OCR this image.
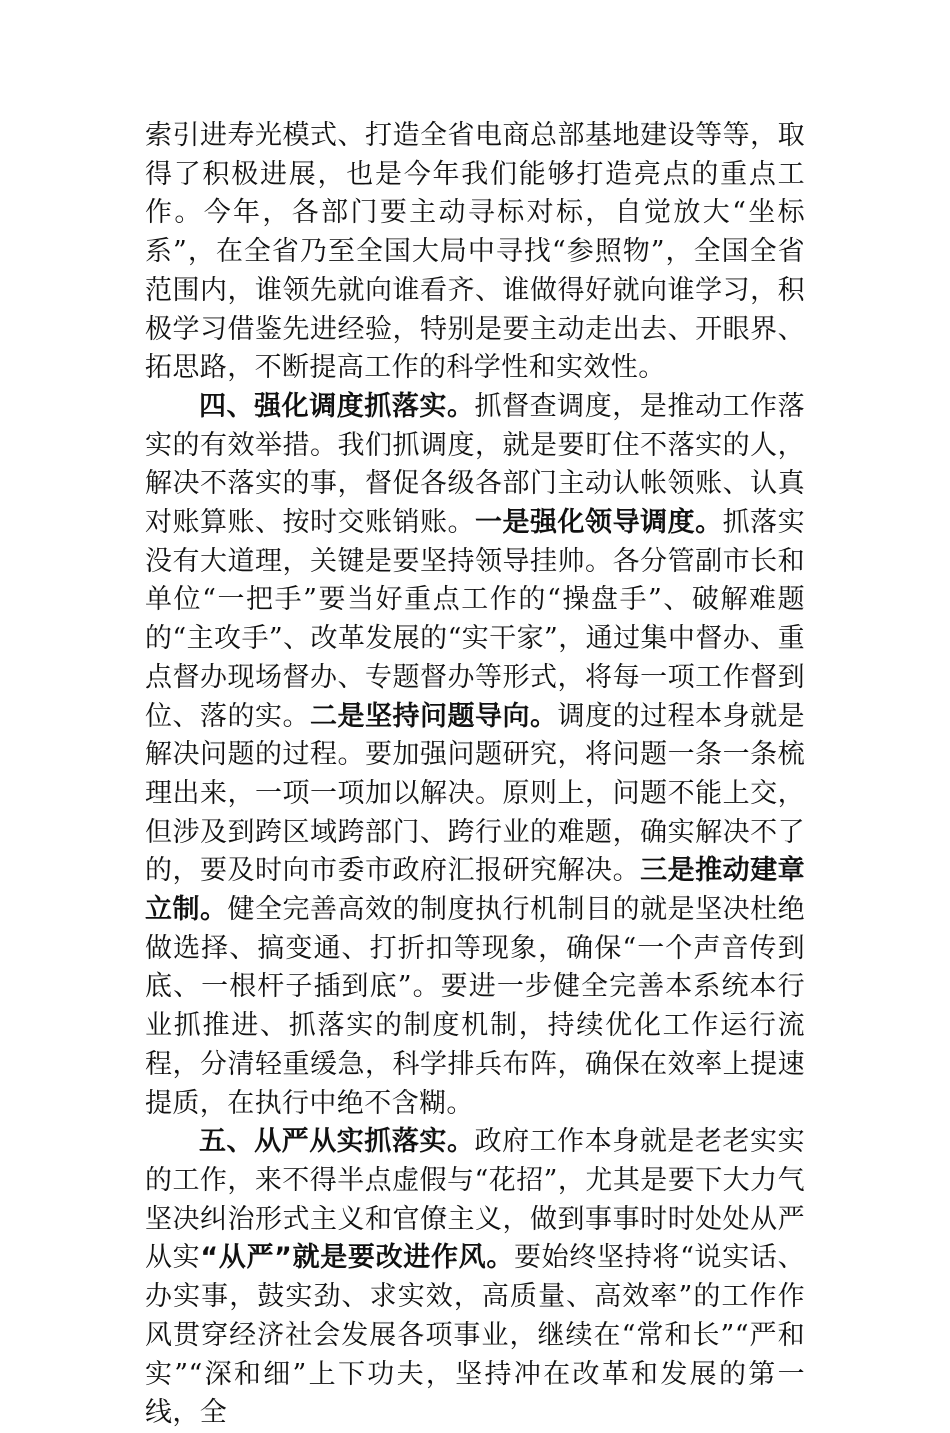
索引进寿光模式、打造全省电商总部基地建设等等，取得了积极进展，也是今年我们能够打造亮点的重点工作。今年，各部门要主动寻标对标，自觉放大“坐标系”，在全省乃至全国大局中寻找“参照物”，全国全省范围内，谁领先就向谁看齐、谁做得好就向谁学习，积极学习借鉴先进经验，特别是要主动走出去、开眼界、拓思路，不断提高工作的科学性和实效性。

四、强化调度抓落实。抓督查调度，是推动工作落实的有效举措。我们抓调度，就是要盯住不落实的人，解决不落实的事，督促各级各部门主动认帐领账、认真对账算账、按时交账销账。一是强化领导调度。抓落实没有大道理，关键是要坚持领导挂帅。各分管副市长和单位“一把手”要当好重点工作的“操盘手”、破解难题的“主攻手”、改革发展的“实干家”，通过集中督办、重点督办现场督办、专题督办等形式，将每一项工作督到位、落的实。二是坚持问题导向。调度的过程本身就是解决问题的过程。要加强问题研究，将问题一条一条梳理出来，一项一项加以解决。原则上，问题不能上交，但涉及到跨区域跨部门、跨行业的难题，确实解决不了的，要及时向市委市政府汇报研究解决。三是推动建章立制。健全完善高效的制度执行机制目的就是坚决杜绝做选择、搞变通、打折扣等现象，确保“一个声音传到底、一根杆子插到底”。要进一步健全完善本系统本行业抓推进、抓落实的制度机制，持续优化工作运行流程，分清轻重缓急，科学排兵布阵，确保在效率上提速提质，在执行中绝不含糊。

五、从严从实抓落实。政府工作本身就是老老实实的工作，来不得半点虚假与“花招”，尤其是要下大力气坚决纠治形式主义和官僚主义，做到事事时时处处从严从实“从严”就是要改进作风。要始终坚持将“说实话、办实事，鼓实劲、求实效，高质量、高效率”的工作作风贯穿经济社会发展各项事业，继续在“常和长”“严和实”“深和细”上下功夫，坚持冲在改革和发展的第一线，全
